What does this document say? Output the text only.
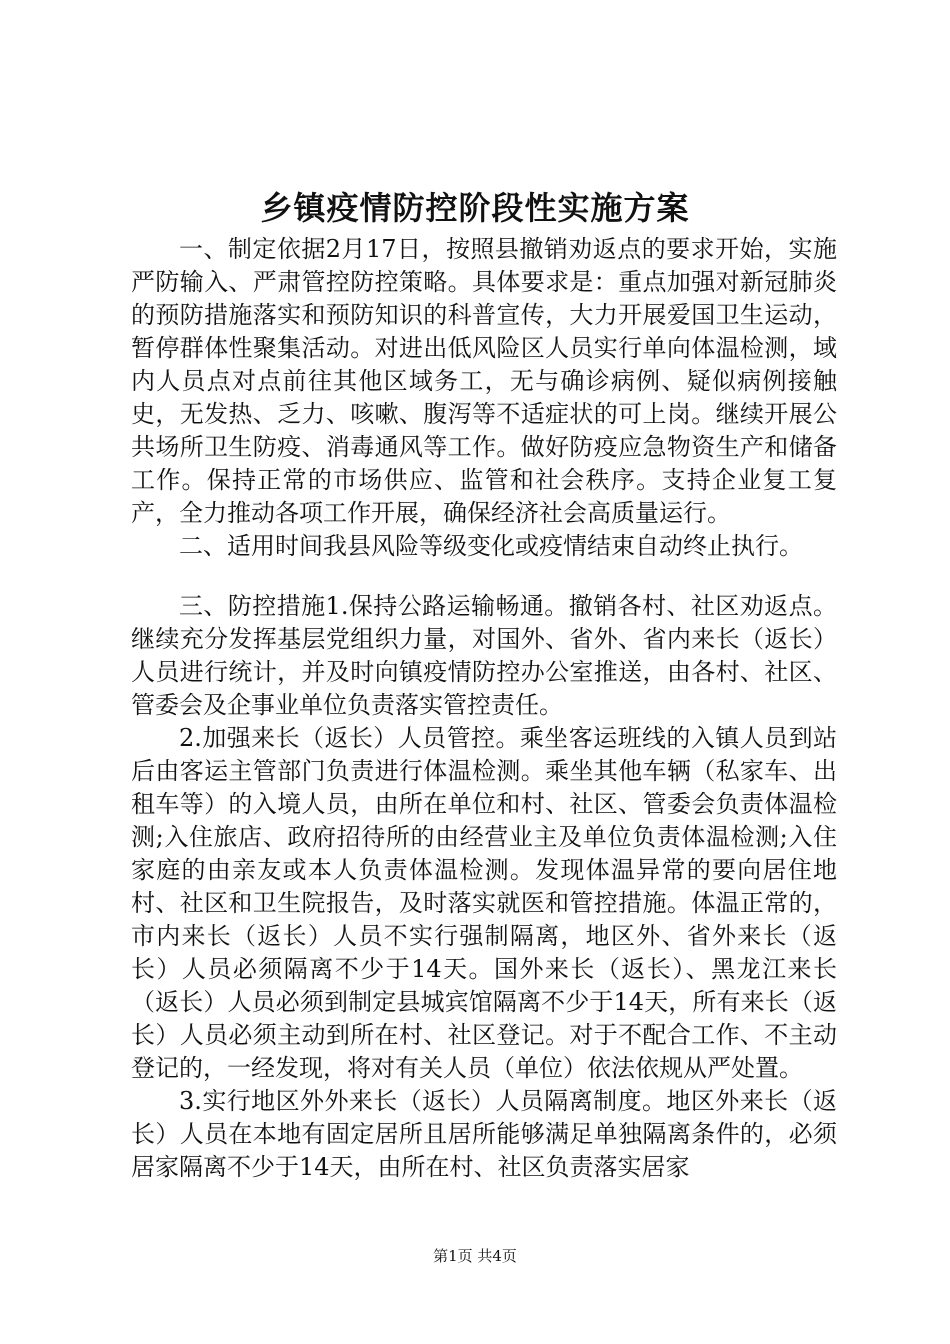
乡镇疫情防控阶段性实施方案

一、制定依据2月17日，按照县撤销劝返点的要求开始，实施严防输入、严肃管控防控策略。具体要求是：重点加强对新冠肺炎的预防措施落实和预防知识的科普宣传，大力开展爱国卫生运动，暂停群体性聚集活动。对进出低风险区人员实行单向体温检测，域内人员点对点前往其他区域务工，无与确诊病例、疑似病例接触史，无发热、乏力、咳嗽、腹泻等不适症状的可上岗。继续开展公共场所卫生防疫、消毒通风等工作。做好防疫应急物资生产和储备工作。保持正常的市场供应、监管和社会秩序。支持企业复工复产，全力推动各项工作开展，确保经济社会高质量运行。

二、适用时间我县风险等级变化或疫情结束自动终止执行。

三、防控措施1.保持公路运输畅通。撤销各村、社区劝返点。继续充分发挥基层党组织力量，对国外、省外、省内来长（返长）人员进行统计，并及时向镇疫情防控办公室推送，由各村、社区、管委会及企事业单位负责落实管控责任。

2.加强来长（返长）人员管控。乘坐客运班线的入镇人员到站后由客运主管部门负责进行体温检测。乘坐其他车辆（私家车、出租车等）的入境人员，由所在单位和村、社区、管委会负责体温检测;入住旅店、政府招待所的由经营业主及单位负责体温检测;入住家庭的由亲友或本人负责体温检测。发现体温异常的要向居住地村、社区和卫生院报告，及时落实就医和管控措施。体温正常的，市内来长（返长）人员不实行强制隔离，地区外、省外来长（返长）人员必须隔离不少于14天。国外来长（返长）、黑龙江来长（返长）人员必须到制定县城宾馆隔离不少于14天，所有来长（返长）人员必须主动到所在村、社区登记。对于不配合工作、不主动登记的，一经发现，将对有关人员（单位）依法依规从严处置。

3.实行地区外外来长（返长）人员隔离制度。地区外来长（返长）人员在本地有固定居所且居所能够满足单独隔离条件的，必须居家隔离不少于14天，由所在村、社区负责落实居家

第1页 共4页
